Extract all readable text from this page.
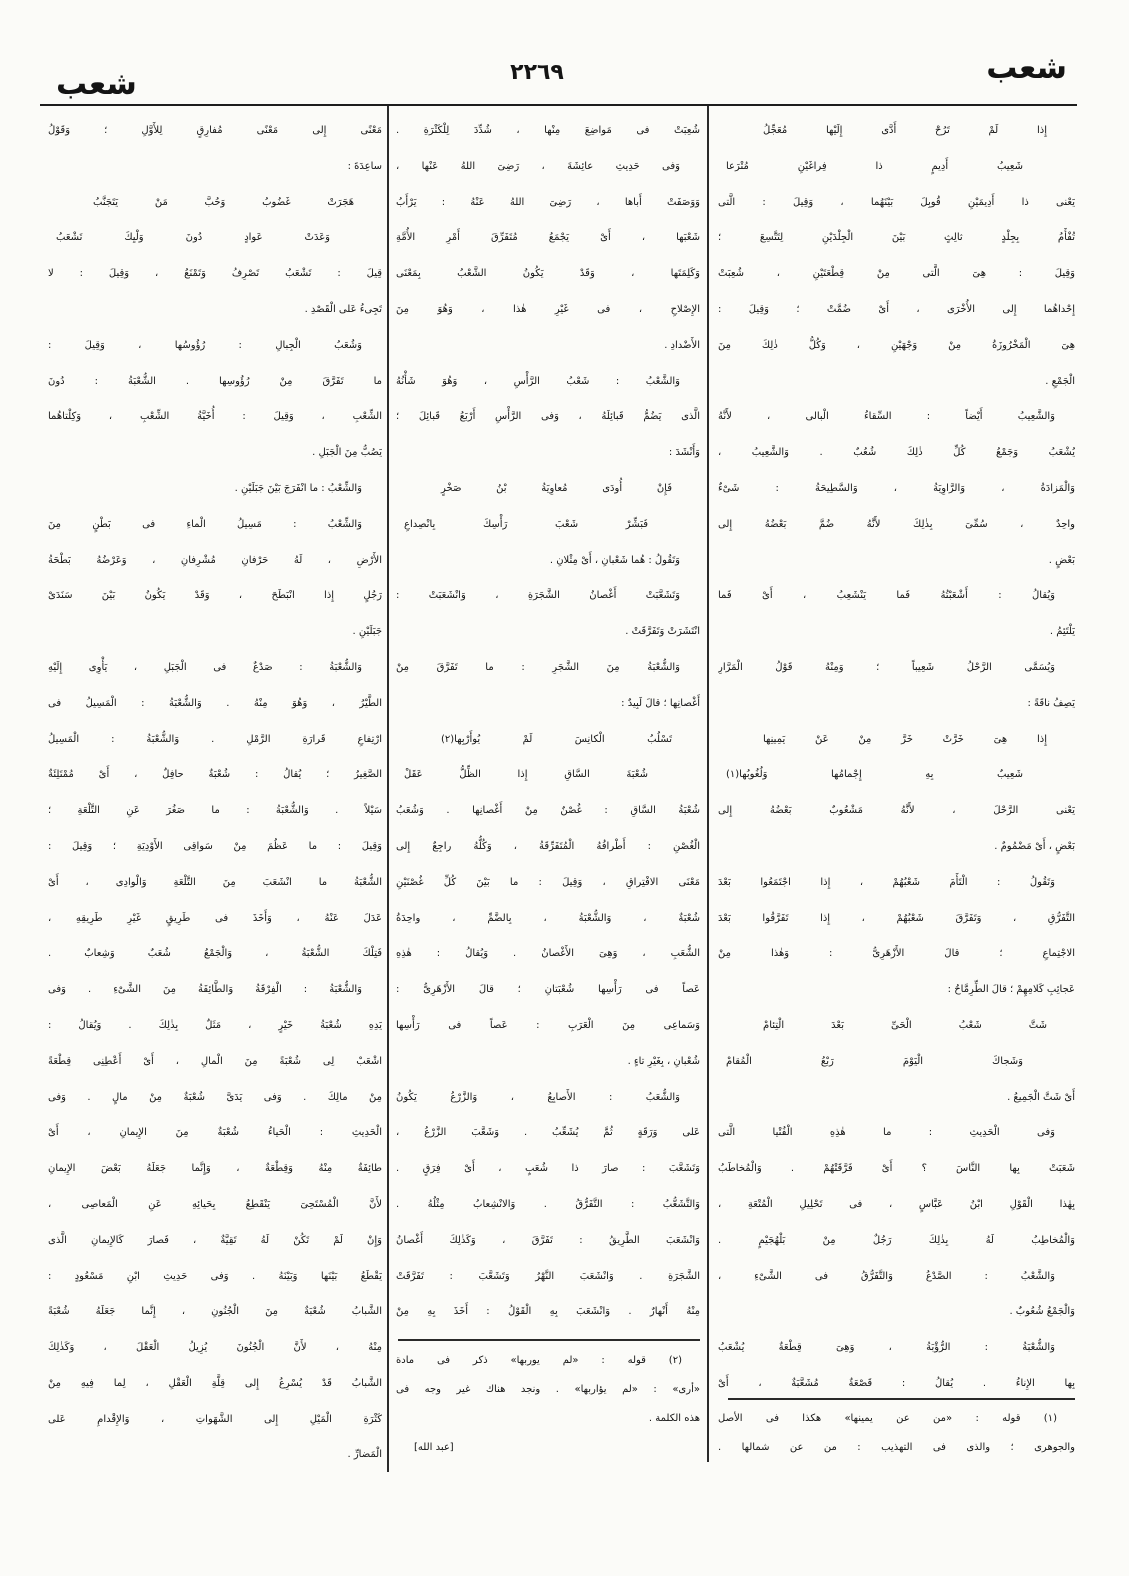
شعب
٢٢٦٩
شعب
إِذا لَمْ تَرُحْ أَدَّى إِلَيْها مُعَجِّلُ
شَعِيبُ أَدِيمٍ ذا فِراغَيْنِ مُتْرَعا
يَعْنى ذا أَدِيمَيْنِ قُوبِلَ بَيْنَهُما ، وَقِيلَ : الَّتى
تُفْأَمُ بِجِلْدٍ ثالِثٍ بَيْنَ الْجِلْدَيْنِ لِتَتَّسِعَ ؛
وَقِيلَ : هِىَ الَّتى مِنْ قِطْعَتَيْنِ ، شُعِبَتْ
إِحْداهُما إِلى الأُخْرَى ، أَىْ ضُمَّتْ ؛ وَقِيلَ :
هِىَ الْمَخْرُوزَةُ مِنْ وَجْهَيْنِ ، وَكُلُّ ذٰلِكَ مِنَ
الْجَمْعِ .
وَالشَّعِيبُ أَيْضاً : السِّقاءُ الْبالى ، لأَنَّهُ
يُشْعَبُ وَجَمْعُ كُلِّ ذٰلِكَ شُعُبٌ . وَالشَّعِيبُ ،
وَالْمَزادَةُ ، وَالرَّاوِيَةُ ، وَالسَّطِيحَةُ : شَىْءٌ
واحِدٌ ، سُمِّىَ بِذٰلِكَ لأَنَّهُ ضُمَّ بَعْضُهُ إِلى
بَعْضٍ .
وَيُقالُ : أَشْعَبْتُهُ فَما يَنْشَعِبُ ، أَىْ فَما
يَلْتَئِمُ .
وَيُسَمَّى الرَّحْلُ شَعِيباً ؛ وَمِنْهُ قَوْلُ الْمَرَّارِ
يَصِفُ ناقَةً :
إِذا هِىَ خَرَّتْ خَرَّ مِنْ عَنْ يَمِينِها
شَعِيبٌ بِهِ إِجْمامُها وَلُغُوبُها(١)
يَعْنى الرَّحْلَ ، لأَنَّهُ مَشْعُوبٌ بَعْضُهُ إِلى
بَعْضٍ ، أَىْ مَضْمُومٌ .
وَتَقُولُ : الْتَأَمَ شَعْبُهُمْ ، إِذا اجْتَمَعُوا بَعْدَ
التَّفَرُّقِ ، وَتَفَرَّقَ شَعْبُهُمْ ، إِذا تَفَرَّقُوا بَعْدَ
الاجْتِماعِ ؛ قالَ الأَزْهَرِىُّ : وَهٰذا مِنْ
عَجائِبِ كَلامِهِمْ ؛ قالَ الطِّرِمَّاحُ :
شَتَّ شَعْبُ الْحَىِّ بَعْدَ الْتِئامْ
وَشَجاكَ الْيَوْمَ رَبْعُ الْمُقامْ
أَىْ شَتَّ الْجَمِيعُ .
وَفى الْحَدِيثِ : ما هٰذِهِ الْفُتْيا الَّتى
شَعَبَتْ بِها النَّاسَ ؟ أَىْ فَرَّقَتْهُمْ . وَالْمُخاطَبُ
بِهٰذا الْقَوْلِ ابْنُ عَبَّاسٍ ، فى تَحْلِيلِ الْمُتْعَةِ ،
وَالْمُخاطِبُ لَهُ بِذٰلِكَ رَجُلٌ مِنْ بَلْهُجَيْمٍ .
وَالشَّعْبُ : الصَّدْعُ وَالتَّفَرُّقُ فى الشَّىْءِ ،
وَالْجَمْعُ شُعُوبٌ .
وَالشُّعْبَةُ : الرُّؤْبَةُ ، وَهِىَ قِطْعَةٌ يُشْعَبُ
بِها الإِناءُ . يُقالُ : قَصْعَةٌ مُشَعَّبَةٌ ، أَىْ
شُعِبَتْ فى مَواضِعَ مِنْها ، شُدِّدَ لِلْكَثْرَةِ .
وَفى حَدِيثِ عائِشَةَ ، رَضِىَ اللهُ عَنْها ،
وَوَصَفَتْ أَباها ، رَضِىَ اللهُ عَنْهُ : يَرْأَبُ
شَعْبَها ، أَىْ يَجْمَعُ مُتَفَرِّقَ أَمْرِ الأُمَّةِ
وَكَلِمَتَها ، وَقَدْ يَكُونُ الشَّعْبُ بِمَعْنَى
الإِصْلاحِ ، فى غَيْرِ هٰذا ، وَهُوَ مِنَ
الأَضْدادِ .
وَالشَّعْبُ : شَعْبُ الرَّأْسِ ، وَهُوَ شَأْنُهُ
الَّذى يَضُمُّ قَبائِلَهُ ، وَفى الرَّأْسِ أَرْبَعُ قَبائِلَ ؛
وَأَنْشَدَ :
فَإِنْ أُودَى مُعاوِيَةُ بْنُ صَخْرٍ
فَبَشِّرْ شَعْبَ رَأْسِكَ بِانْصِداعِ
وَتَقُولُ : هُما شَعْبانِ ، أَىْ مِثْلانِ .
وَتَشَعَّبَتْ أَغْصانُ الشَّجَرَةِ ، وَانْشَعَبَتْ :
انْتَشَرَتْ وَتَفَرَّقَتْ .
وَالشُّعْبَةُ مِنَ الشَّجَرِ : ما تَفَرَّقَ مِنْ
أَغْصانِها ؛ قالَ لَبِيدٌ :
تَسْلُبُ الْكانِسَ لَمْ يُوأَرْبِها(٢)
شُعْبَةَ السَّاقِ إِذا الظِّلُّ عَقَلْ
شُعْبَةُ السَّاقِ : غُصْنٌ مِنْ أَغْصانِها . وَشُعَبُ
الْغُصْنِ : أَطْرافُهُ الْمُتَفَرِّقَةُ ، وَكُلُّهُ راجِعٌ إِلى
مَعْنَى الافْتِراقِ ، وَقِيلَ : ما بَيْنَ كُلِّ غُصْنَيْنِ
شُعْبَةٌ ، وَالشُّعْبَةُ ، بِالضَّمِّ ، واحِدَةُ
الشُّعَبِ ، وَهِىَ الأَغْصانُ . وَيُقالُ : هٰذِهِ
عَصاً فى رَأْسِها شُعْبَتانِ ؛ قالَ الأَزْهَرِىُّ :
وَسَماعِى مِنَ الْعَرَبِ : عَصاً فى رَأْسِها
شُعْبانِ ، بِغَيْرِ تاءٍ .
وَالشُّعَبُ : الأَصابِعُ ، وَالزَّرْعُ يَكُونُ
عَلى وَرَقَةٍ ثُمَّ يُشَعِّبُ . وَشَعَّبَ الزَّرْعُ ،
وَتَشَعَّبَ : صارَ ذا شُعَبٍ ، أَىْ فِرَقٍ .
وَالتَّشَعُّبُ : التَّفَرُّقُ . وَالانْشِعابُ مِثْلُهُ .
وَانْشَعَبَ الطَّرِيقُ : تَفَرَّقَ ، وَكَذٰلِكَ أَغْصانُ
الشَّجَرَةِ . وَانْشَعَبَ النَّهْرُ وَتَشَعَّبَ : تَفَرَّقَتْ
مِنْهُ أَنْهارٌ . وَانْشَعَبَ بِهِ الْقَوْلُ : أَخَذَ بِهِ مِنْ
مَعْنًى إِلى مَعْنًى مُفارِقٍ لِلأَوَّلِ ؛ وَقَوْلُ
ساعِدَةَ :
هَجَرَتْ غَضُوبُ وَحُبَّ مَنْ يَتَجَنَّبُ
وَعَدَتْ عَوادٍ دُونَ وَلْيِكَ تَشْعَبُ
قِيلَ : تَشْعَبُ تَصْرِفُ وَتَمْنَعُ ، وَقِيلَ : لا
تَجِىءُ عَلى الْقَصْدِ .
وَشُعَبُ الْجِبالِ : رُؤُوسُها ، وَقِيلَ :
ما تَفَرَّقَ مِنْ رُؤُوسِها . الشُّعْبَةُ : دُونَ
الشِّعْبِ ، وَقِيلَ : أُخَيَّةُ الشِّعْبِ ، وَكِلْتاهُما
يَصُبُّ مِنَ الْجَبَلِ .
وَالشِّعْبُ : ما انْفَرَجَ بَيْنَ جَبَلَيْنِ .
وَالشِّعْبُ : مَسِيلُ الْماءِ فى بَطْنٍ مِنَ
الأَرْضِ ، لَهُ حَرْفانِ مُشْرِفانِ ، وَعَرْضُهُ بَطْحَةُ
رَجُلٍ إِذا انْبَطَحَ ، وَقَدْ يَكُونُ بَيْنَ سَنَدَىْ
جَبَلَيْنِ .
وَالشُّعْبَةُ : صَدْعٌ فى الْجَبَلِ ، يَأْوِى إِلَيْهِ
الطَّيْرُ ، وَهُوَ مِنْهُ . وَالشُّعْبَةُ : الْمَسِيلُ فى
ارْتِفاعِ قَرارَةِ الرَّمْلِ . وَالشُّعْبَةُ : الْمَسِيلُ
الصَّغِيرُ ؛ يُقالُ : شُعْبَةٌ حافِلٌ ، أَىْ مُمْتَلِئَةٌ
سَيْلاً . وَالشُّعْبَةُ : ما صَغُرَ عَنِ التَّلْعَةِ ؛
وَقِيلَ : ما عَظُمَ مِنْ سَواقِى الأَوْدِيَةِ ؛ وَقِيلَ :
الشُّعْبَةُ ما انْشَعَبَ مِنَ التَّلْعَةِ وَالْوادِى ، أَىْ
عَدَلَ عَنْهُ ، وَأَخَذَ فى طَرِيقٍ غَيْرِ طَرِيقِهِ ،
فَتِلْكَ الشُّعْبَةُ ، وَالْجَمْعُ شُعَبٌ وَشِعابٌ .
وَالشُّعْبَةُ : الْفِرْقَةُ وَالطَّائِفَةُ مِنَ الشَّىْءِ . وَفى
يَدِهِ شُعْبَةُ خَيْرٍ ، مَثَلٌ بِذٰلِكَ . وَيُقالُ :
اشْعَبْ لِى شُعْبَةً مِنَ الْمالِ ، أَىْ أَعْطِنِى قِطْعَةً
مِنْ مالِكَ . وَفى يَدَىَّ شُعْبَةٌ مِنْ مالٍ . وَفى
الْحَدِيثِ : الْحَياءُ شُعْبَةٌ مِنَ الإِيمانِ ، أَىْ
طائِفَةٌ مِنْهُ وَقِطْعَةٌ ، وَإِنَّما جَعَلَهُ بَعْضَ الإِيمانِ
لأَنَّ الْمُسْتَحِىَ يَنْقَطِعُ بِحَيائِهِ عَنِ الْمَعاصِى ،
وَإِنْ لَمْ تَكُنْ لَهُ تَقِيَّةٌ ، فَصارَ كَالإِيمانِ الَّذى
يَقْطَعُ بَيْنَها وَبَيْنَهُ . وَفى حَدِيثِ ابْنِ مَسْعُودٍ :
الشَّبابُ شُعْبَةٌ مِنَ الْجُنُونِ ، إِنَّما جَعَلَهُ شُعْبَةً
مِنْهُ ، لأَنَّ الْجُنُونَ يُزِيلُ الْعَقْلَ ، وَكَذٰلِكَ
الشَّبابُ قَدْ يُسْرِعُ إِلى قِلَّةِ الْعَقْلِ ، لِما فِيهِ مِنْ
كَثْرَةِ الْمَيْلِ إِلى الشَّهَواتِ ، وَالإِقْدامِ عَلى
الْمَضارِّ .
(١) قوله : «من عن يمينها» هكذا فى الأصل
والجوهرى ؛ والذى فى التهذيب : من عن شمالها .
(٢) قوله : «لم يوربها» ذكر فى مادة
«أرى» : «لم يؤاربها» . ونجد هناك غير وجه فى
هذه الكلمة .
[عبد الله]
